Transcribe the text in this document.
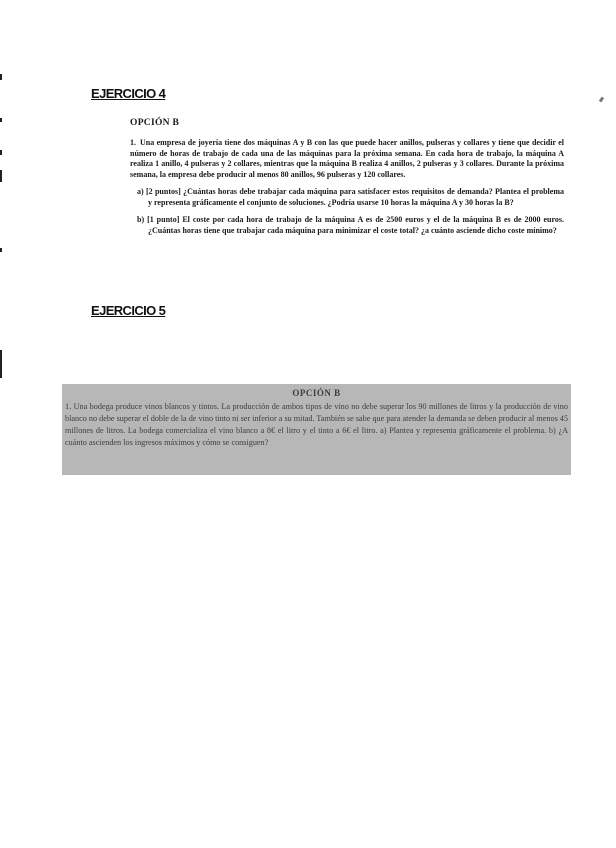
EJERCICIO 4

OPCIÓN B

1. Una empresa de joyería tiene dos máquinas A y B con las que puede hacer anillos, pulseras y collares y tiene que decidir el número de horas de trabajo de cada una de las máquinas para la próxima semana. En cada hora de trabajo, la máquina A realiza 1 anillo, 4 pulseras y 2 collares, mientras que la máquina B realiza 4 anillos, 2 pulseras y 3 collares. Durante la próxima semana, la empresa debe producir al menos 80 anillos, 96 pulseras y 120 collares.

a) [2 puntos] ¿Cuántas horas debe trabajar cada máquina para satisfacer estos requisitos de demanda? Plantea el problema y representa gráficamente el conjunto de soluciones. ¿Podría usarse 10 horas la máquina A y 30 horas la B?

b) [1 punto] El coste por cada hora de trabajo de la máquina A es de 2500 euros y el de la máquina B es de 2000 euros. ¿Cuántas horas tiene que trabajar cada máquina para minimizar el coste total? ¿a cuánto asciende dicho coste mínimo?

EJERCICIO 5

OPCIÓN B

1. Una bodega produce vinos blancos y tintos. La producción de ambos tipos de vino no debe superar los 90 millones de litros y la producción de vino blanco no debe superar el doble de la de vino tinto ni ser inferior a su mitad. También se sabe que para atender la demanda se deben producir al menos 45 millones de litros. La bodega comercializa el vino blanco a 8€ el litro y el tinto a 6€ el litro. a) Plantea y representa gráficamente el problema. b) ¿A cuánto ascienden los ingresos máximos y cómo se consiguen?
